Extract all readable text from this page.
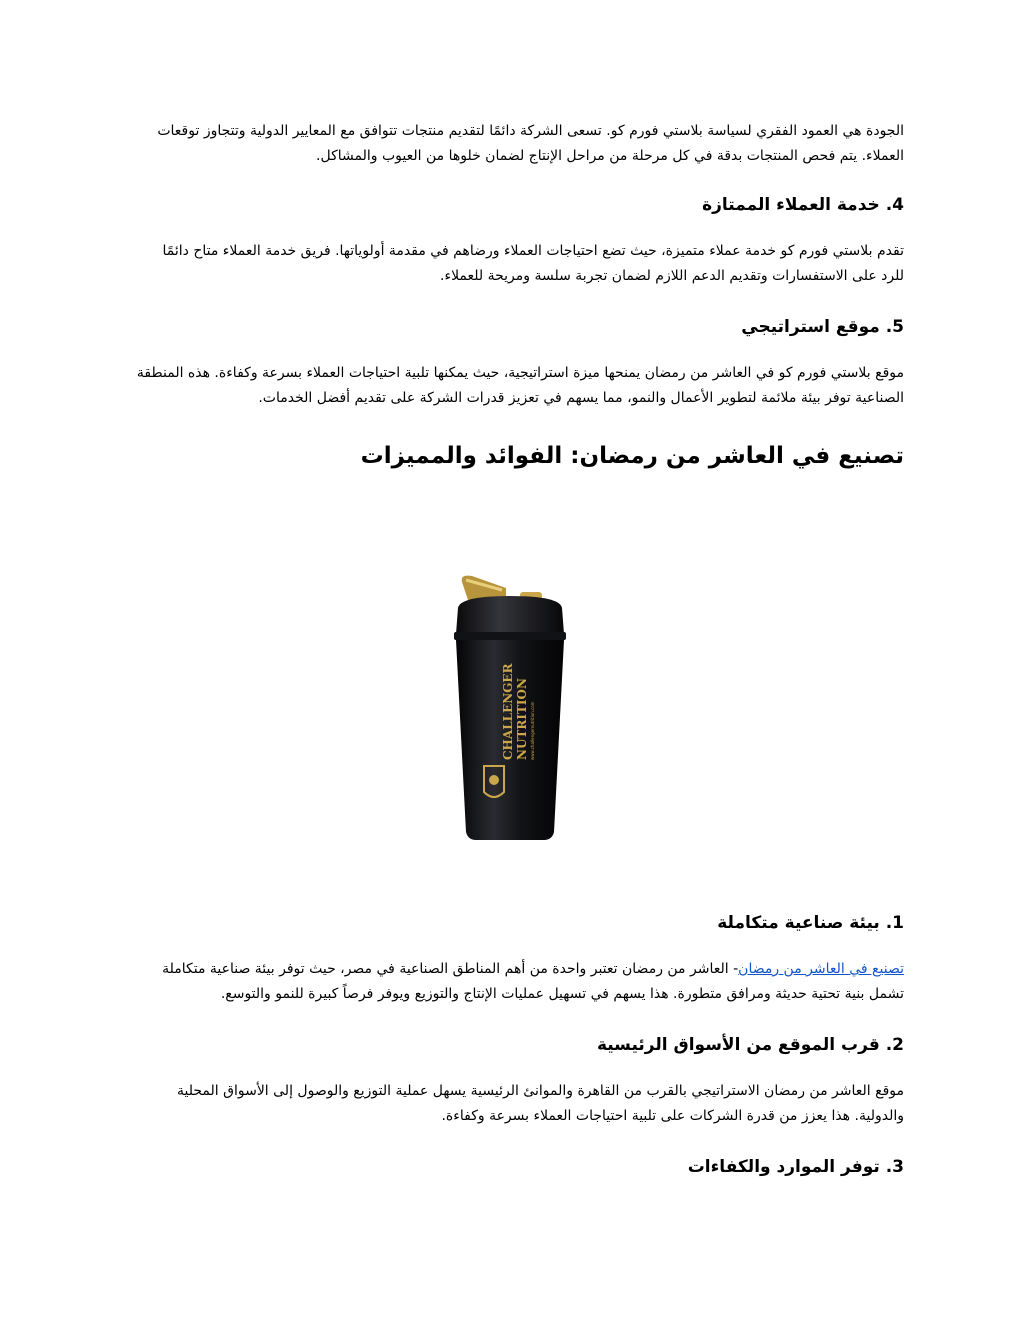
الجودة هي العمود الفقري لسياسة بلاستي فورم كو. تسعى الشركة دائمًا لتقديم منتجات تتوافق مع المعايير الدولية وتتجاوز توقعات
العملاء. يتم فحص المنتجات بدقة في كل مرحلة من مراحل الإنتاج لضمان خلوها من العيوب والمشاكل.
4. خدمة العملاء الممتازة
تقدم بلاستي فورم كو خدمة عملاء متميزة، حيث تضع احتياجات العملاء ورضاهم في مقدمة أولوياتها. فريق خدمة العملاء متاح دائمًا
للرد على الاستفسارات وتقديم الدعم اللازم لضمان تجربة سلسة ومريحة للعملاء.
5. موقع استراتيجي
موقع بلاستي فورم كو في العاشر من رمضان يمنحها ميزة استراتيجية، حيث يمكنها تلبية احتياجات العملاء بسرعة وكفاءة. هذه المنطقة
الصناعية توفر بيئة ملائمة لتطوير الأعمال والنمو، مما يسهم في تعزيز قدرات الشركة على تقديم أفضل الخدمات.
تصنيع في العاشر من رمضان: الفوائد والمميزات
CHALLENGER NUTRITION www.challengernutrition.com
1. بيئة صناعية متكاملة
تصنيع في العاشر من رمضان- العاشر من رمضان تعتبر واحدة من أهم المناطق الصناعية في مصر، حيث توفر بيئة صناعية متكاملة
تشمل بنية تحتية حديثة ومرافق متطورة. هذا يسهم في تسهيل عمليات الإنتاج والتوزيع ويوفر فرصاً كبيرة للنمو والتوسع.
2. قرب الموقع من الأسواق الرئيسية
موقع العاشر من رمضان الاستراتيجي بالقرب من القاهرة والموانئ الرئيسية يسهل عملية التوزيع والوصول إلى الأسواق المحلية
والدولية. هذا يعزز من قدرة الشركات على تلبية احتياجات العملاء بسرعة وكفاءة.
3. توفر الموارد والكفاءات
